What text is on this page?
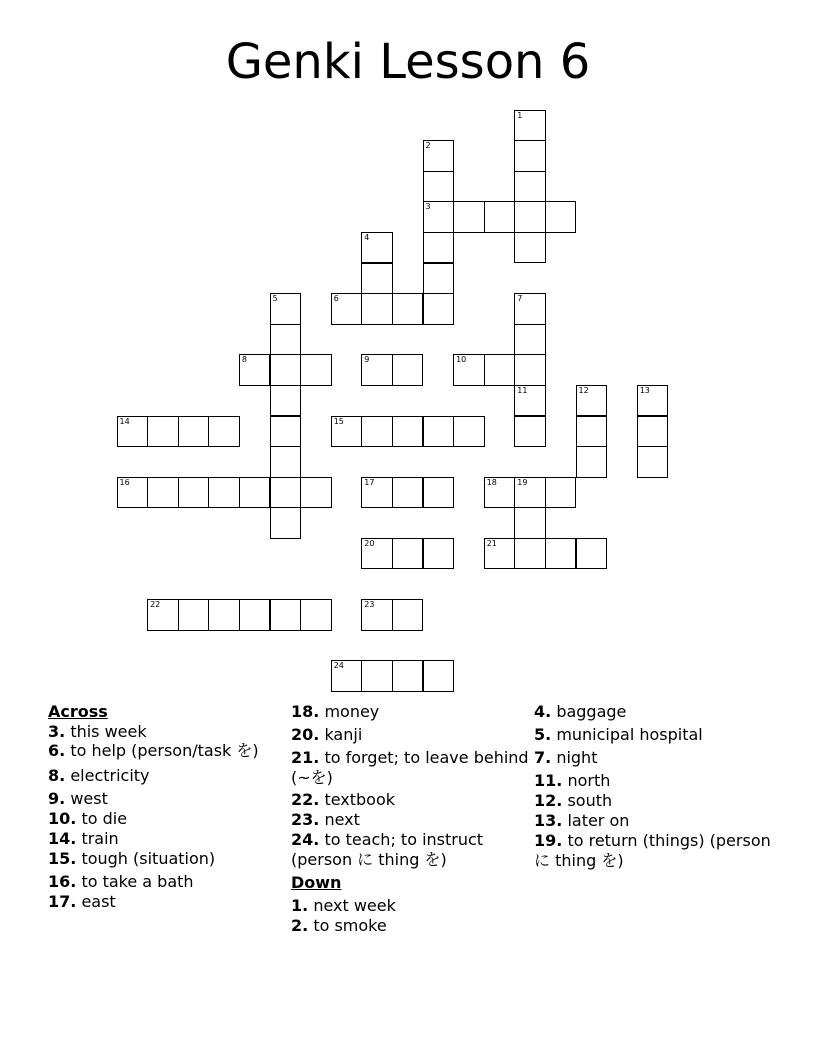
Genki Lesson 6
1
2
3
4
5	6	7
8	9	10
11	12	13
14	15
16	17	18	19
20	21
22	23
24
Across
3. this week
6. to help (person/task を)
8. electricity
9. west
10. to die
14. train
15. tough (situation)
16. to take a bath
17. east
18. money
20. kanji
21. to forget; to leave behind (~を)
22. textbook
23. next
24. to teach; to instruct (person に thing を)
Down
1. next week
2. to smoke
4. baggage
5. municipal hospital
7. night
11. north
12. south
13. later on
19. to return (things) (person に thing を)
